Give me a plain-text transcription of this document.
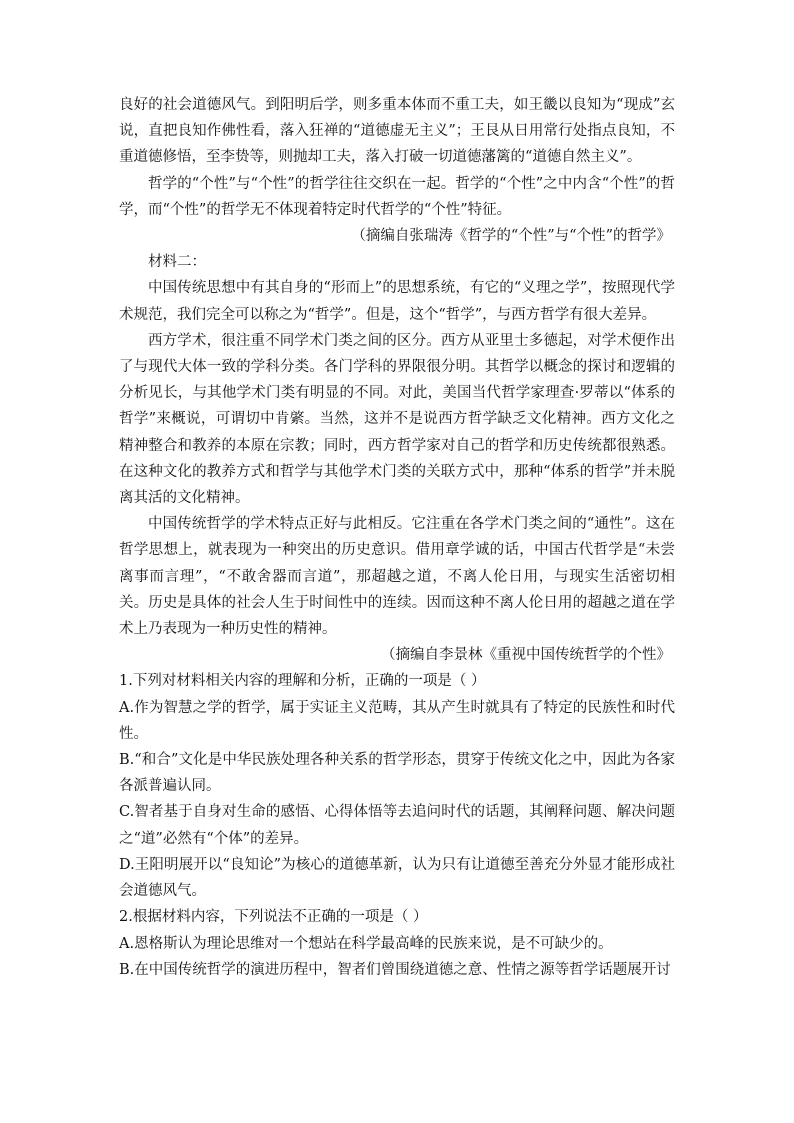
良好的社会道德风气。到阳明后学，则多重本体而不重工夫，如王畿以良知为“现成”玄说，直把良知作佛性看，落入狂禅的“道德虚无主义”；王艮从日用常行处指点良知，不重道德修悟，至李贽等，则抛却工夫，落入打破一切道德藩篱的“道德自然主义”。

哲学的“个性”与“个性”的哲学往往交织在一起。哲学的“个性”之中内含“个性”的哲学，而“个性”的哲学无不体现着特定时代哲学的“个性”特征。

（摘编自张瑞涛《哲学的“个性”与“个性”的哲学》

材料二：

中国传统思想中有其自身的“形而上”的思想系统，有它的“义理之学”，按照现代学术规范，我们完全可以称之为“哲学”。但是，这个“哲学”，与西方哲学有很大差异。

西方学术，很注重不同学术门类之间的区分。西方从亚里士多德起，对学术便作出了与现代大体一致的学科分类。各门学科的界限很分明。其哲学以概念的探讨和逻辑的分析见长，与其他学术门类有明显的不同。对此，美国当代哲学家理查·罗蒂以“体系的哲学”来概说，可谓切中肯綮。当然，这并不是说西方哲学缺乏文化精神。西方文化之精神整合和教养的本原在宗教；同时，西方哲学家对自己的哲学和历史传统都很熟悉。在这种文化的教养方式和哲学与其他学术门类的关联方式中，那种“体系的哲学”并未脱离其活的文化精神。

中国传统哲学的学术特点正好与此相反。它注重在各学术门类之间的“通性”。这在哲学思想上，就表现为一种突出的历史意识。借用章学诚的话，中国古代哲学是“未尝离事而言理”，“不敢舍器而言道”，那超越之道，不离人伦日用，与现实生活密切相关。历史是具体的社会人生于时间性中的连续。因而这种不离人伦日用的超越之道在学术上乃表现为一种历史性的精神。

（摘编自李景林《重视中国传统哲学的个性》

1.下列对材料相关内容的理解和分析，正确的一项是（ ）

A.作为智慧之学的哲学，属于实证主义范畴，其从产生时就具有了特定的民族性和时代性。

B.“和合”文化是中华民族处理各种关系的哲学形态，贯穿于传统文化之中，因此为各家各派普遍认同。

C.智者基于自身对生命的感悟、心得体悟等去追问时代的话题，其阐释问题、解决问题之“道”必然有“个体”的差异。

D.王阳明展开以“良知论”为核心的道德革新，认为只有让道德至善充分外显才能形成社会道德风气。

2.根据材料内容，下列说法不正确的一项是（ ）

A.恩格斯认为理论思维对一个想站在科学最高峰的民族来说，是不可缺少的。

B.在中国传统哲学的演进历程中，智者们曾围绕道德之意、性情之源等哲学话题展开讨
